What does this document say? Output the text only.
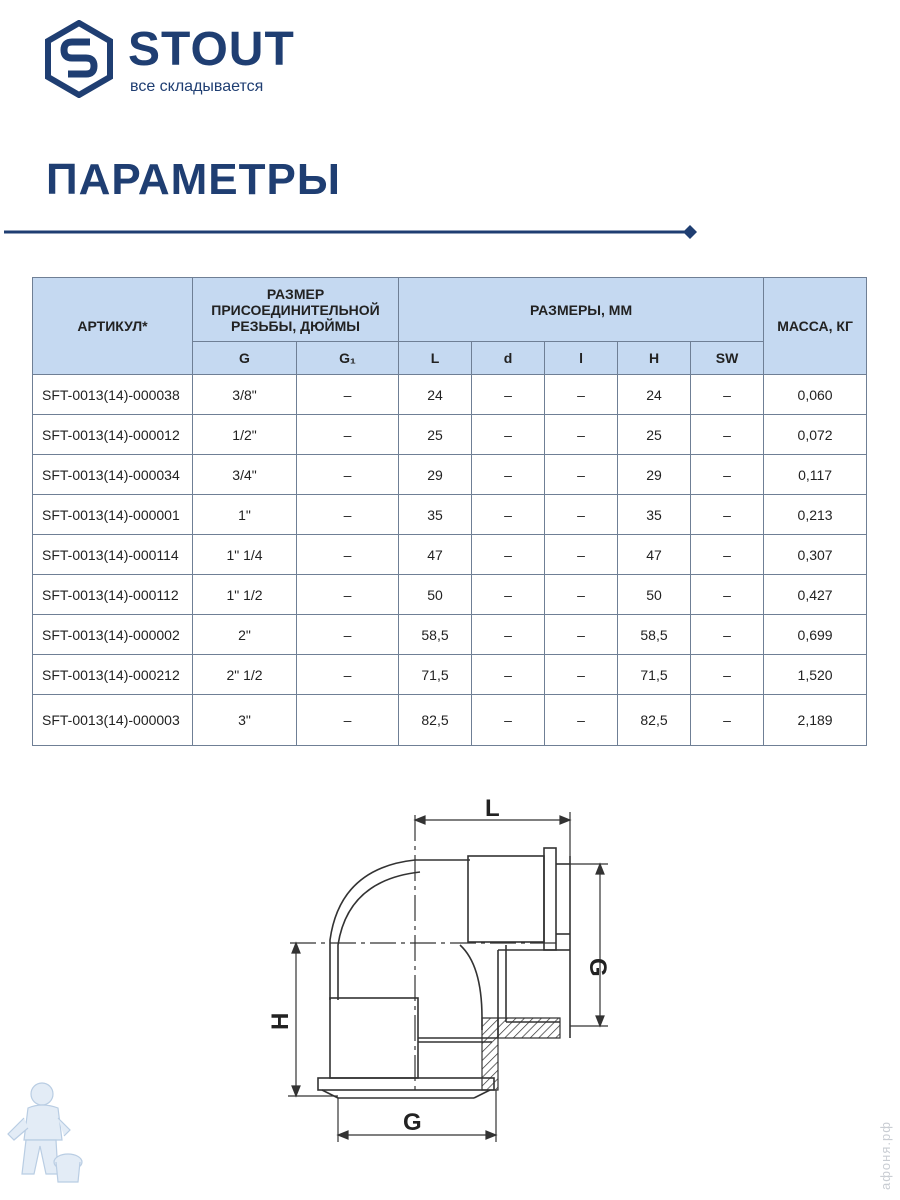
STOUT
все складывается
ПАРАМЕТРЫ
АРТИКУЛ*	РАЗМЕР ПРИСОЕДИНИТЕЛЬНОЙ РЕЗЬБЫ, ДЮЙМЫ		РАЗМЕРЫ, ММ					МАССА, КГ
	G	G₁	L	d	l	H	SW	
SFT-0013(14)-000038	3/8"	–	24	–	–	24	–	0,060
SFT-0013(14)-000012	1/2"	–	25	–	–	25	–	0,072
SFT-0013(14)-000034	3/4"	–	29	–	–	29	–	0,117
SFT-0013(14)-000001	1"	–	35	–	–	35	–	0,213
SFT-0013(14)-000114	1" 1/4	–	47	–	–	47	–	0,307
SFT-0013(14)-000112	1" 1/2	–	50	–	–	50	–	0,427
SFT-0013(14)-000002	2"	–	58,5	–	–	58,5	–	0,699
SFT-0013(14)-000212	2" 1/2	–	71,5	–	–	71,5	–	1,520
SFT-0013(14)-000003	3"	–	82,5	–	–	82,5	–	2,189
L
G
H
G	афоня.рф
